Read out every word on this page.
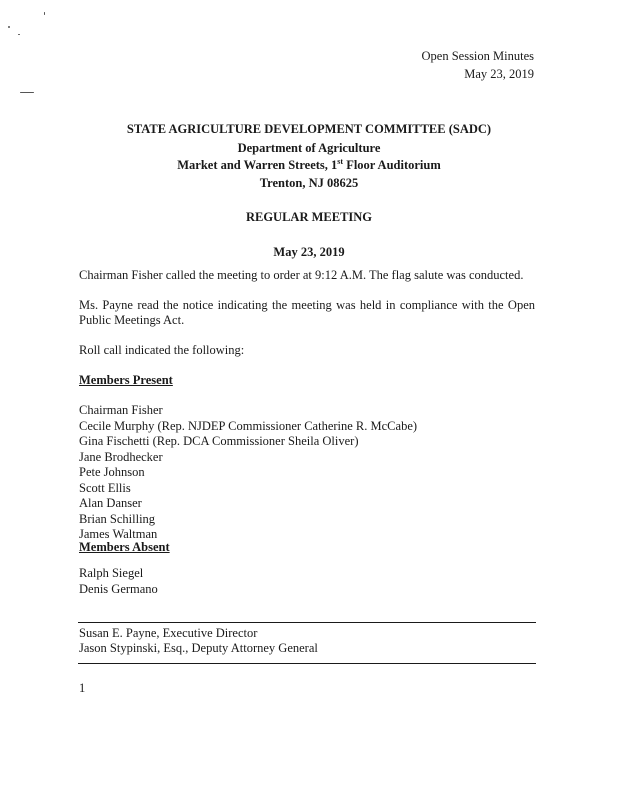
Open Session Minutes
May 23, 2019
STATE AGRICULTURE DEVELOPMENT COMMITTEE (SADC)
Department of Agriculture
Market and Warren Streets, 1st Floor Auditorium
Trenton, NJ 08625
REGULAR MEETING
May 23, 2019
Chairman Fisher called the meeting to order at 9:12 A.M. The flag salute was conducted.
Ms. Payne read the notice indicating the meeting was held in compliance with the Open Public Meetings Act.
Roll call indicated the following:
Members Present
Chairman Fisher
Cecile Murphy (Rep. NJDEP Commissioner Catherine R. McCabe)
Gina Fischetti (Rep. DCA Commissioner Sheila Oliver)
Jane Brodhecker
Pete Johnson
Scott Ellis
Alan Danser
Brian Schilling
James Waltman
Members Absent
Ralph Siegel
Denis Germano
Susan E. Payne, Executive Director
Jason Stypinski, Esq., Deputy Attorney General
1
